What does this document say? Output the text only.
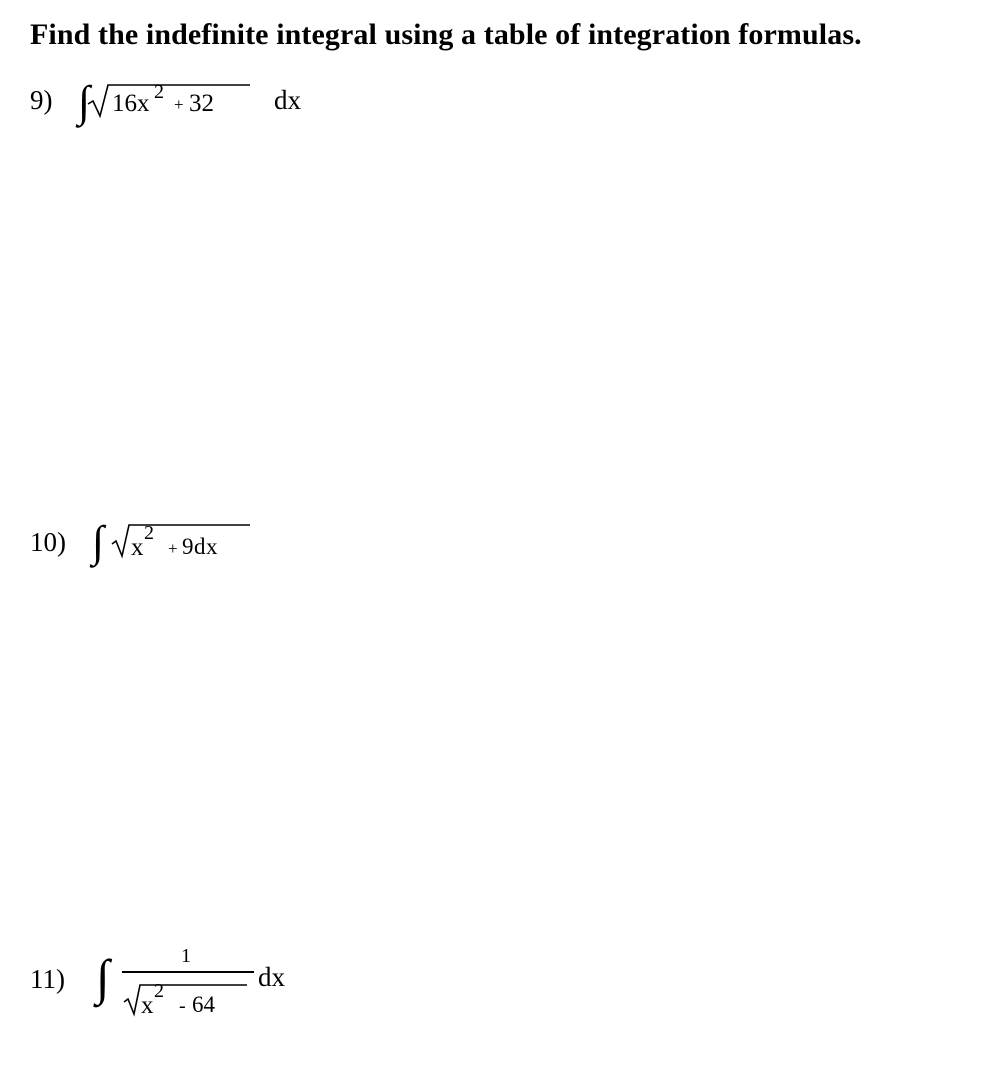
Find the indefinite integral using a table of integration formulas.
9) ∫ 16x 2
+ 32 dx
10) ∫ x
2
+ 9dx
11) ∫	1
x
2
- 64
dx
